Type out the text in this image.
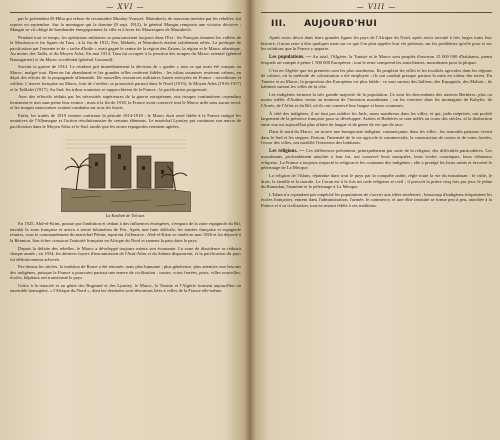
— XVI —

par le prétendant El-Hiba qui refuse de reconnaître Moulay-Youssef. Marrakech, de nouveau investie par les rebelles, fut reprise en septembre. Sur la montagne qui la domine (8 sept. 1912), le général Mangin remporta une victoire décisive ; Mangin se vit obligé de bombarder énergiquement la ville et à lever les Mauresques de Marrakech.

Pendant tout ce temps, les opérations militaires se poursuivaient toujours dans l'Est : les Français tenaient les vallées de la Moulouya et les lignes du Taza ; à la fin de 1913, Fez, Meknès, et Marrakech étaient solidement reliés. La politique de pacification par l'entente et de « tache d'huile » avait gagné le centre de la région des Zaïans, la région et le Maroc atlantique. Au moins des Tadla, et du Moyen Atlas. En mai 1914, Taza fut occupée à la jonction des troupes du Maroc oriental (général Baumgarten) et du Maroc occidental (général Gouraud).

Survint la guerre de 1914. Le résident prit immédiatement la décision de « garder » tout ce qui avait été conquis au Maroc, malgré tout. Rien ne fut abandonné et les grandes villes restèrent fidèles ; les tribus soumises restèrent calmes, en dépit des efforts de la propagande allemande. De nouvelles ressources militaires furent envoyées en France : travailleurs et soldats. L'œuvre française au Maroc, loin de s'arrêter, se poursuivit partout dans le Nord (1915), le Moyen Atlas (1916-1917) et le Tafilalet (1917). Au Sud, les tribus soumises se rapprochèrent de la France ; la pacification progressait.

Avec des effectifs réduits par les nécessités supérieures de la guerre européenne, nos troupes continuèrent cependant lentement et non sans peine leur avance ; mais à la fin de 1918, la France avait conservé tout le Maroc utile sans aucun recul, et les troupes marocaines avaient combattu sur tous les fronts.

Enfin, les traités de 1919 vinrent confirmer la période 1914-1918 : le Maroc était resté fidèle à la France malgré les tentatives de l'Allemagne et l'action révolutionnaire de certains éléments. Le maréchal Lyautey put continuer son œuvre de pacification dans le Moyen Atlas et le Sud, tandis que les zones espagnoles restaient agitées.

La Kasbah de Telouet.

En 1925, Abd-el-Krim, poussé par l'ambition et cédant à des influences étrangères, s'empara de la zone espagnole du Rif, envahit la zone française et arriva à trente kilomètres de Fez. Après une lutte difficile, les armées française et espagnole réunies, sous le commandement du maréchal Pétain, reprirent l'offensive ; Abd-el-Krim se rendit en mai 1926 et fut déporté à la Réunion. Son échec consacra l'autorité française en Afrique du Nord et ramena la paix dans le pays.

Depuis la défaite des rebelles, le Maroc a développé toujours mieux son économie. La zone de dissidence se réduisit chaque année ; en 1934, les derniers foyers d'insoumission de l'Anti-Atlas et du Sahara disparurent, et la pacification du pays fut définitivement achevée.

Par-dessus les siècles, la tradition de Rome a été renouée, mais plus humaine ; plus généreuse, plus attentive aux besoins des indigènes, puisque la France a poursuivi partout une œuvre de civilisation : routes, voies ferrées, ports, villes nouvelles, écoles, hôpitaux ont transformé le pays.

Grâce à la tenacité et au génie des Bugeaud et des Lyautey, le Maroc, la Tunisie et l'Algérie forment aujourd'hui un ensemble homogène, « l'Afrique du Nord », dont les destinées sont désormais liées à celles de la France elle-même.

— VIII —
III. AUJOURD'HUI

Après avoir décrit dans leurs grandes lignes les pays de l'Afrique du Nord, après avoir raconté à très larges traits leur histoire, il nous reste à dire quelques mots sur ce que l'on peut appeler leur vie présente, sur les problèmes qu'elle pose et sur les solutions que la France y apporte.

Les populations. — Au total, l'Algérie, la Tunisie et le Maroc sont peuplés d'environ 15 000 000 d'habitants, parmi lesquels on compte à peine 1 500 000 Européens : tout le reste comprend les autochtones, musulmans pour la plupart.

C'est en Algérie que les premiers sont les plus nombreux. Ils peuplent les villes et les localités agricoles dans les régions de culture, où la méthode de colonisation a été employée ; ils ont conduit presque partout la mise en valeur des terres. En Tunisie et au Maroc, la proportion des Européens est plus faible : ce sont surtout des Italiens, des Espagnols, des Maltais ; ils habitent surtout les villes de la côte.

Les indigènes forment la très grande majorité de la population. Ce sont les descendants des anciens Berbères, plus ou moins mêlés d'Arabes venus au moment de l'invasion musulmane ; on les retrouve dans les montagnes de Kabylie, de l'Aurès, de l'Atlas et du Rif, où ils ont conservé leur langue et leurs coutumes.

À côté des indigènes, il ne faut pas oublier les Juifs, assez nombreux dans les villes, et qui, jadis méprisés, ont profité largement de la présence française pour se développer. Arabes et Berbères se sont mêlés au cours des siècles, et la distinction entre eux est aujourd'hui plus affaire de langue et de genre de vie que de race.

Dans le nord du Maroc, on trouve une bourgeoisie indigène, commerçante, dans les villes ; les nomades pasteurs vivent dans le Sud et les steppes. Partout, l'intensité de la vie agricole et commerciale, la construction de routes et de voies ferrées, l'essor des villes, ont modifié l'existence des habitants.

Les religions. — Ces différences présentent, principalement par suite de la religion, des difficultés particulières. Les musulmans, profondément attachés à leur foi, ont conservé leurs mosquées, leurs écoles coraniques, leurs tribunaux religieux. La France a toujours respecté la religion et les coutumes des indigènes ; elle a protégé les lieux saints et favorisé le pèlerinage de La Mecque.

La religion de l'Islam, répandue dans tout le pays par la conquête arabe, règle toute la vie du musulman : le culte, le droit, la famille et la morale. Le Coran est à la fois un code religieux et civil ; il prescrit la prière cinq fois par jour, le jeûne du Ramadan, l'aumône et le pèlerinage à La Mecque.

L'Islam n'a cependant pas empêché les populations de s'ouvrir aux idées modernes ; beaucoup d'indigènes fréquentent les écoles françaises, entrent dans l'administration, l'armée, le commerce, et une élite instruite se forme peu à peu, attachée à la France et à sa civilisation, tout en restant fidèle à ses traditions.
